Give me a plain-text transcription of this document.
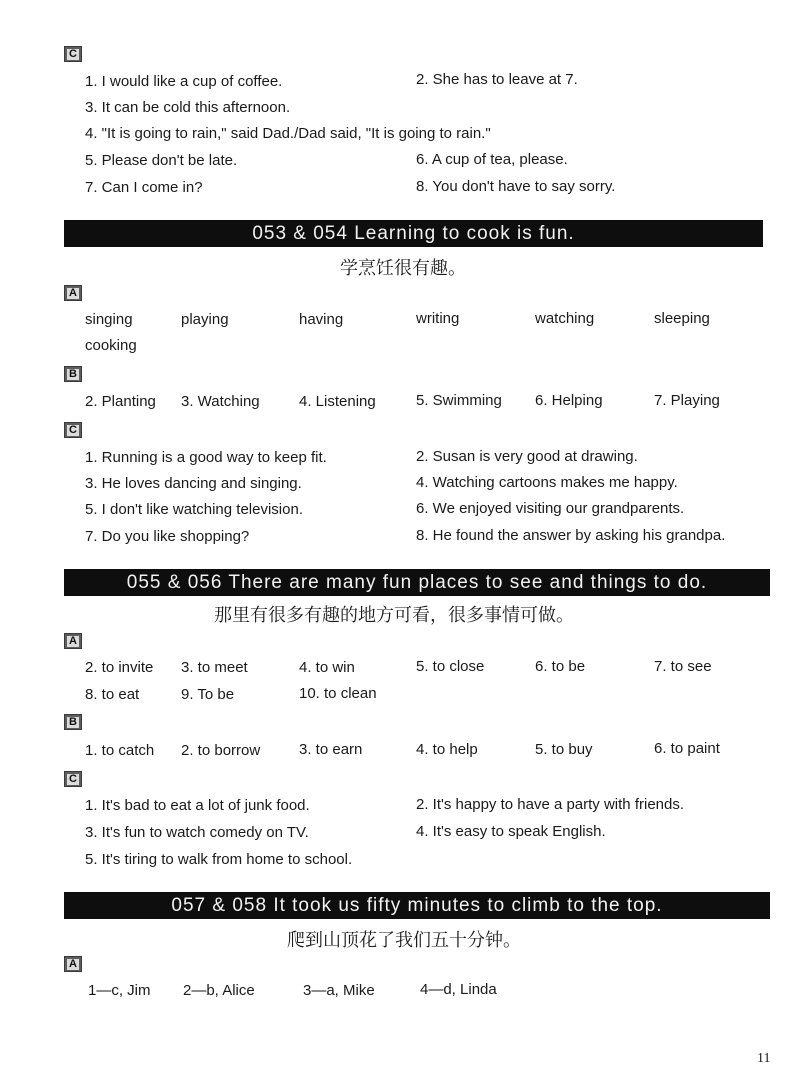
C
1. I would like a cup of coffee.	2. She has to leave at 7.
3. It can be cold this afternoon.
4. "It is going to rain," said Dad./Dad said, "It is going to rain."
5. Please don't be late.	6. A cup of tea, please.
7. Can I come in?	8. You don't have to say sorry.
053 & 054 Learning to cook is fun.
学烹饪很有趣。
A
singing	playing	having	writing	watching	sleeping
cooking
B
2. Planting 3. Watching	4. Listening	5. Swimming 6. Helping	7. Playing
C
1. Running is a good way to keep fit.	2. Susan is very good at drawing.
3. He loves dancing and singing.	4. Watching cartoons makes me happy.
5. I don't like watching television.	6. We enjoyed visiting our grandparents.
7. Do you like shopping?	8. He found the answer by asking his grandpa.
055 & 056 There are many fun places to see and things to do.
那里有很多有趣的地方可看，很多事情可做。
A
2. to invite 3. to meet	4. to win	5. to close	6. to be	7. to see
8. to eat	9. To be	10. to clean
B
1. to catch 2. to borrow	3. to earn	4. to help	5. to buy	6. to paint
C
1. It's bad to eat a lot of junk food.	2. It's happy to have a party with friends.
3. It's fun to watch comedy on TV.	4. It's easy to speak English.
5. It's tiring to walk from home to school.
057 & 058 It took us fifty minutes to climb to the top.
爬到山顶花了我们五十分钟。
A
1—c, Jim 2—b, Alice	3—a, Mike	4—d, Linda
11
